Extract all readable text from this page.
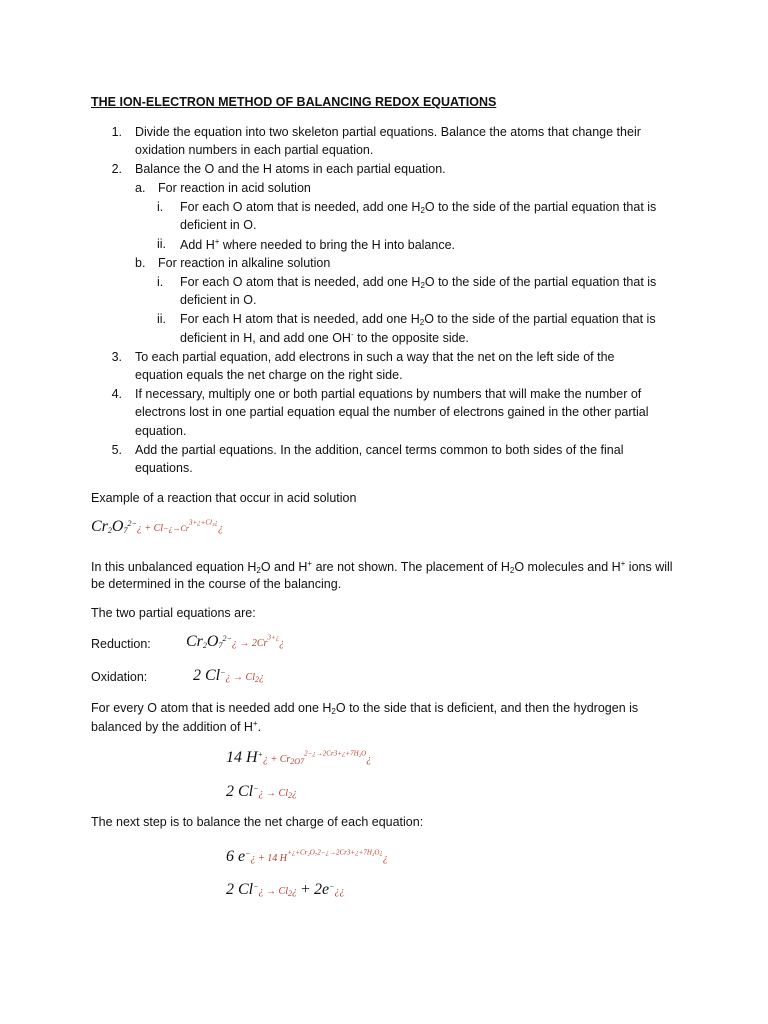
THE ION-ELECTRON METHOD OF BALANCING REDOX EQUATIONS
1. Divide the equation into two skeleton partial equations. Balance the atoms that change their
oxidation numbers in each partial equation.
2. Balance the O and the H atoms in each partial equation.
a. For reaction in acid solution
i. For each O atom that is needed, add one $H_2O$ to the side of the partial equation that is
deficient in O.
ii. Add H+ where needed to bring the H into balance.
b. For reaction in alkaline solution
i. For each O atom that is needed, add one $H_2O$ to the side of the partial equation that is
deficient in O.
ii. For each H atom that is needed, add one $H_2O$ to the side of the partial equation that is
deficient in H, and add one OH- to the opposite side.
3. To each partial equation, add electrons in such a way that the net on the left side of the
equation equals the net charge on the right side.
4. If necessary, multiply one or both partial equations by numbers that will make the number of
electrons lost in one partial equation equal the number of electrons gained in the other partial
equation.
5. Add the partial equations. In the addition, cancel terms common to both sides of the final
equations.
Example of a reaction that occur in acid solution
$Cr_2O_7^{2-}¿$ + $Cl-¿\to Cr^{3+¿+Cl_2¿}¿$
In this unbalanced equation $H_2O$ and H+ are not shown. The placement of $H_2O$ molecules and H+ ions will
be determined in the course of the balancing.
The two partial equations are:
Reduction: $Cr_2O_7^{2-}¿$ → $2Cr^{3+¿}¿$
Oxidation:	2 Cl−¿ → $Cl_2¿$
For every O atom that is needed add one $H_2O$ to the side that is deficient, and then the hydrogen is
balanced by the addition of H+.
14 H+¿ + $Cr_{2O7}^{2-¿\to 2Cr3+¿+7H_2O}¿$
2 Cl−¿ → $Cl_2¿$
The next step is to balance the net charge of each equation:
6 e−¿ + 14 $H^{+¿+Cr_2O_72-¿\to 2Cr3+¿+7H_2O¿}¿$
2 Cl−¿ → $Cl_2¿$ + 2e−¿¿
